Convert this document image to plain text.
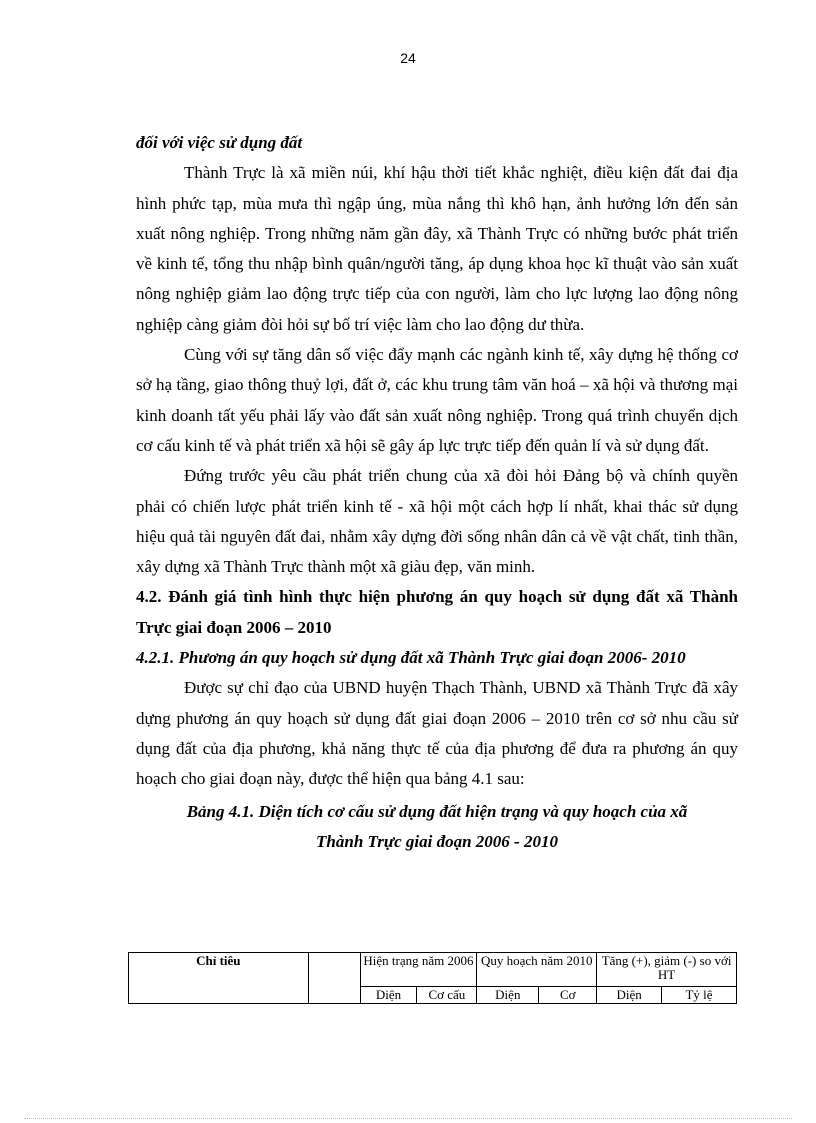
24

đối với việc sử dụng đất

Thành Trực là xã miền núi, khí hậu thời tiết khắc nghiệt, điều kiện đất đai địa hình phức tạp, mùa mưa thì ngập úng, mùa nắng thì khô hạn, ảnh hưởng lớn đến sản xuất nông nghiệp. Trong những năm gần đây, xã Thành Trực có những bước phát triển về kinh tế, tổng thu nhập bình quân/người tăng, áp dụng khoa học kĩ thuật vào sản xuất nông nghiệp giảm lao động trực tiếp của con người, làm cho lực lượng lao động nông nghiệp càng giảm đòi hỏi sự bố trí việc làm cho lao động dư thừa.

Cùng với sự tăng dân số việc đẩy mạnh các ngành kinh tế, xây dựng hệ thống cơ sở hạ tầng, giao thông thuỷ lợi, đất ở, các khu trung tâm văn hoá – xã hội và thương mại kinh doanh tất yếu phải lấy vào đất sản xuất nông nghiệp. Trong quá trình chuyển dịch cơ cấu kinh tế và phát triển xã hội sẽ gây áp lực trực tiếp đến quản lí và sử dụng đất.

Đứng trước yêu cầu phát triển chung của xã đòi hỏi Đảng bộ và chính quyền phải có chiến lược phát triển kinh tế - xã hội một cách hợp lí nhất, khai thác sử dụng hiệu quả tài nguyên đất đai, nhằm xây dựng đời sống nhân dân cả về vật chất, tinh thần, xây dựng xã Thành Trực thành một xã giàu đẹp, văn minh.

4.2. Đánh giá tình hình thực hiện phương án quy hoạch sử dụng đất xã Thành Trực giai đoạn 2006 – 2010

4.2.1. Phương án quy hoạch sử dụng đất xã Thành Trực giai đoạn 2006- 2010

Được sự chỉ đạo của UBND huyện Thạch Thành, UBND xã Thành Trực đã xây dựng phương án quy hoạch sử dụng đất giai đoạn 2006 – 2010 trên cơ sở nhu cầu sử dụng đất của địa phương, khả năng thực tế của địa phương để đưa ra phương án quy hoạch cho giai đoạn này, được thể hiện qua bảng 4.1 sau:

Bảng 4.1. Diện tích cơ cấu sử dụng đất hiện trạng và quy hoạch của xã

Thành Trực giai đoạn 2006 - 2010

Chỉ tiêu		Hiện trạng năm 2006		Quy hoạch năm 2010		Tăng (+), giảm (-) so với HT	
		Diện	Cơ cấu	Diện	Cơ	Diện	Tỷ lệ
